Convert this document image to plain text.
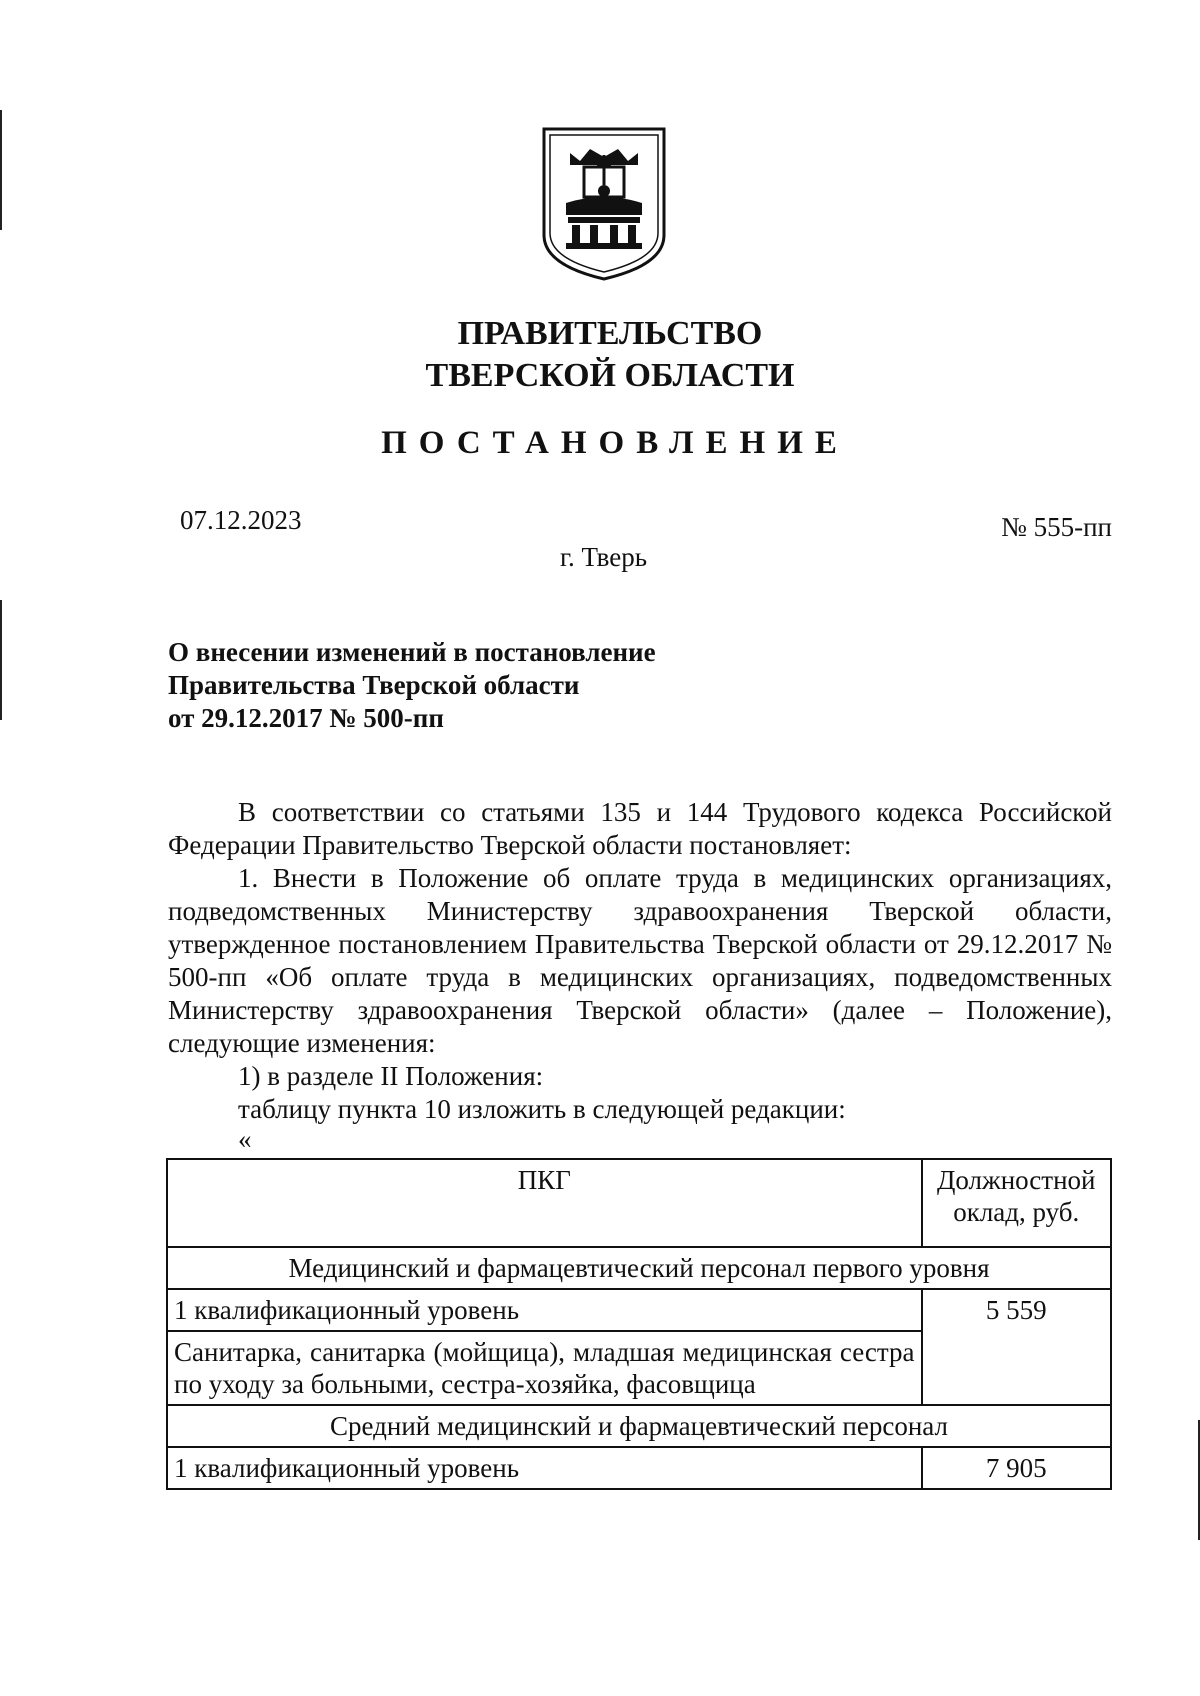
ПРАВИТЕЛЬСТВО
ТВЕРСКОЙ ОБЛАСТИ
ПОСТАНОВЛЕНИЕ
07.12.2023	№ 555-пп
г. Тверь
О внесении изменений в постановление
Правительства Тверской области
от 29.12.2017 № 500-пп

В соответствии со статьями 135 и 144 Трудового кодекса Российской Федерации Правительство Тверской области постановляет:

1. Внести в Положение об оплате труда в медицинских организациях, подведомственных Министерству здравоохранения Тверской области, утвержденное постановлением Правительства Тверской области от 29.12.2017 № 500-пп «Об оплате труда в медицинских организациях, подведомственных Министерству здравоохранения Тверской области» (далее – Положение), следующие изменения:

1) в разделе II Положения:

таблицу пункта 10 изложить в следующей редакции:

«
ПКГ	Должностной оклад, руб.
Медицинский и фармацевтический персонал первого уровня	
1 квалификационный уровень	5 559
Санитарка, санитарка (мойщица), младшая медицинская сестра по уходу за больными, сестра-хозяйка, фасовщица	
Средний медицинский и фармацевтический персонал	
1 квалификационный уровень	7 905
